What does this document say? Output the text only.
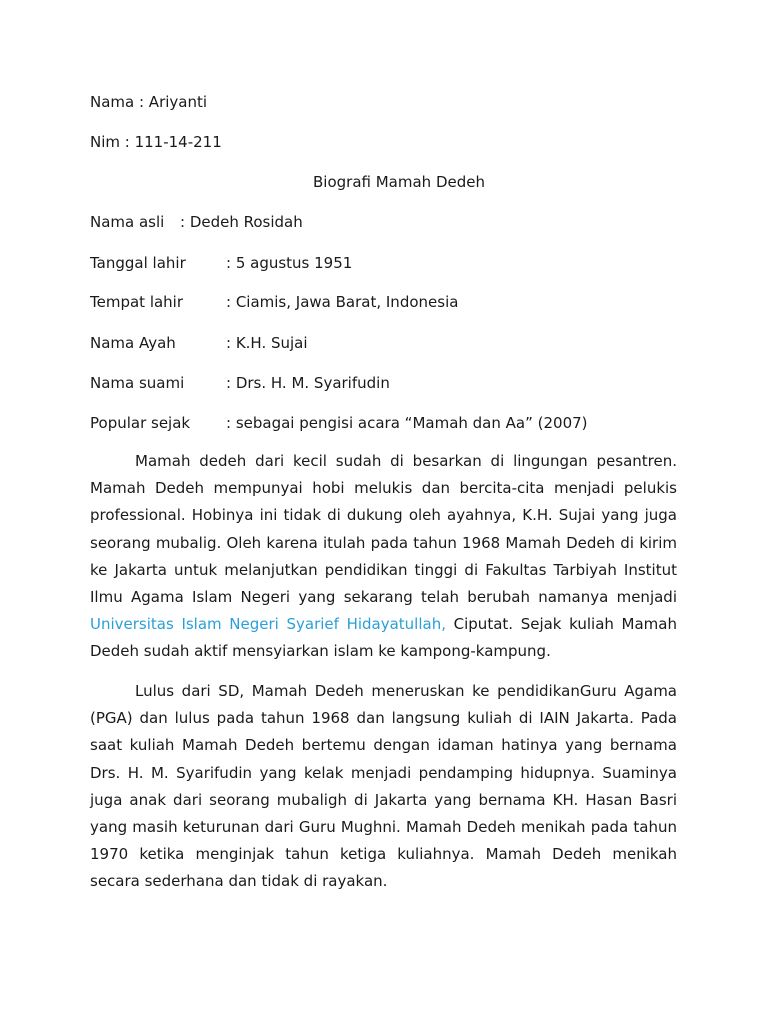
Nama : Ariyanti
Nim : 111-14-211
Biografi Mamah Dedeh
Nama asli : Dedeh Rosidah
Tanggal lahir	: 5 agustus 1951
Tempat lahir	: Ciamis, Jawa Barat, Indonesia
Nama Ayah	: K.H. Sujai
Nama suami	: Drs. H. M. Syarifudin
Popular sejak : sebagai pengisi acara “Mamah dan Aa” (2007)

Mamah dedeh dari kecil sudah di besarkan di lingungan pesantren. Mamah Dedeh mempunyai hobi melukis dan bercita-cita menjadi pelukis professional. Hobinya ini tidak di dukung oleh ayahnya, K.H. Sujai yang juga seorang mubalig. Oleh karena itulah pada tahun 1968 Mamah Dedeh di kirim ke Jakarta untuk melanjutkan pendidikan tinggi di Fakultas Tarbiyah Institut Ilmu Agama Islam Negeri yang sekarang telah berubah namanya menjadi Universitas Islam Negeri Syarief Hidayatullah, Ciputat. Sejak kuliah Mamah Dedeh sudah aktif mensyiarkan islam ke kampong-kampung.

Lulus dari SD, Mamah Dedeh meneruskan ke pendidikanGuru Agama (PGA) dan lulus pada tahun 1968 dan langsung kuliah di IAIN Jakarta. Pada saat kuliah Mamah Dedeh bertemu dengan idaman hatinya yang bernama Drs. H. M. Syarifudin yang kelak menjadi pendamping hidupnya. Suaminya juga anak dari seorang mubaligh di Jakarta yang bernama KH. Hasan Basri yang masih keturunan dari Guru Mughni. Mamah Dedeh menikah pada tahun 1970 ketika menginjak tahun ketiga kuliahnya. Mamah Dedeh menikah secara sederhana dan tidak di rayakan.
